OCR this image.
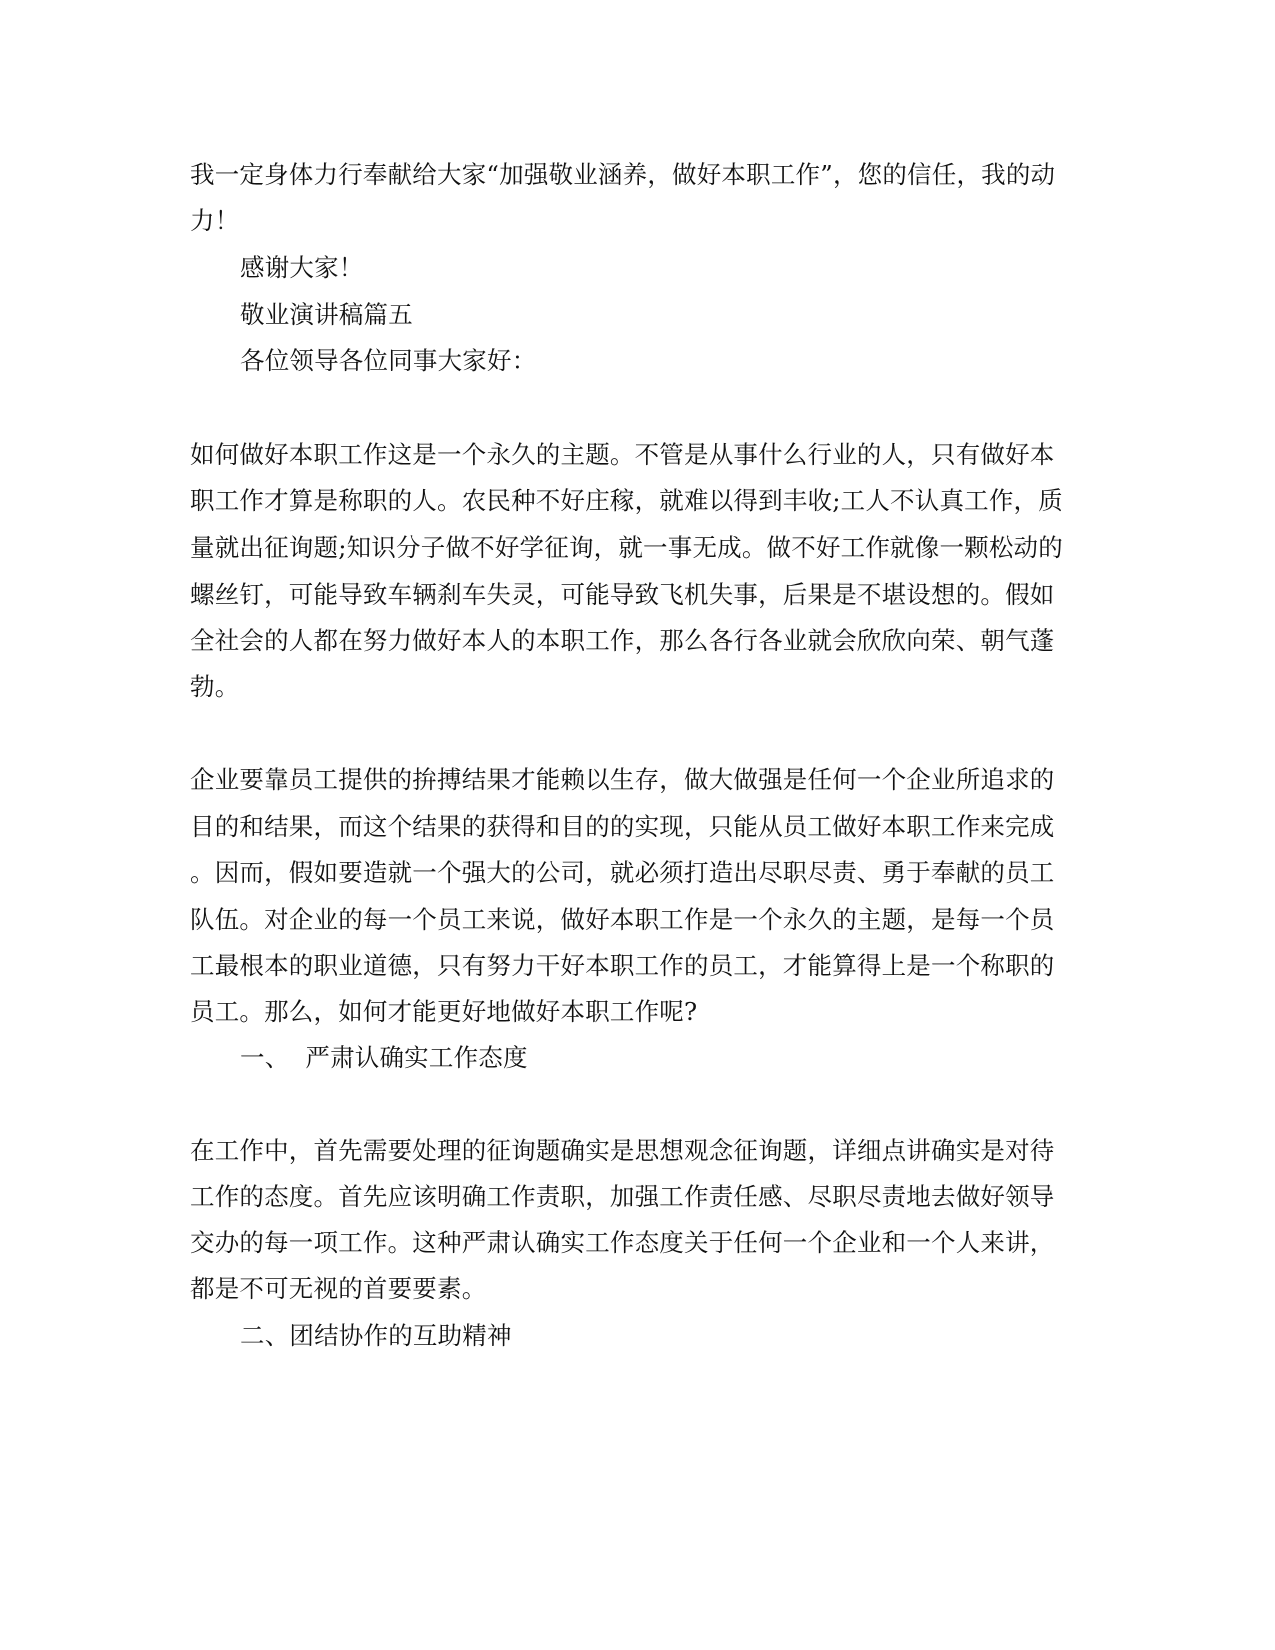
我一定身体力行奉献给大家“加强敬业涵养，做好本职工作”，您的信任，我的动
力！
感谢大家！
敬业演讲稿篇五
各位领导各位同事大家好：
如何做好本职工作这是一个永久的主题。不管是从事什么行业的人，只有做好本
职工作才算是称职的人。农民种不好庄稼，就难以得到丰收;工人不认真工作，质
量就出征询题;知识分子做不好学征询，就一事无成。做不好工作就像一颗松动的
螺丝钉，可能导致车辆刹车失灵，可能导致飞机失事，后果是不堪设想的。假如
全社会的人都在努力做好本人的本职工作，那么各行各业就会欣欣向荣、朝气蓬
勃。
企业要靠员工提供的拚搏结果才能赖以生存，做大做强是任何一个企业所追求的
目的和结果，而这个结果的获得和目的的实现，只能从员工做好本职工作来完成
。因而，假如要造就一个强大的公司，就必须打造出尽职尽责、勇于奉献的员工
队伍。对企业的每一个员工来说，做好本职工作是一个永久的主题，是每一个员
工最根本的职业道德，只有努力干好本职工作的员工，才能算得上是一个称职的
员工。那么，如何才能更好地做好本职工作呢?
一、  严肃认确实工作态度
在工作中，首先需要处理的征询题确实是思想观念征询题，详细点讲确实是对待
工作的态度。首先应该明确工作责职，加强工作责任感、尽职尽责地去做好领导
交办的每一项工作。这种严肃认确实工作态度关于任何一个企业和一个人来讲，
都是不可无视的首要要素。
二、团结协作的互助精神
